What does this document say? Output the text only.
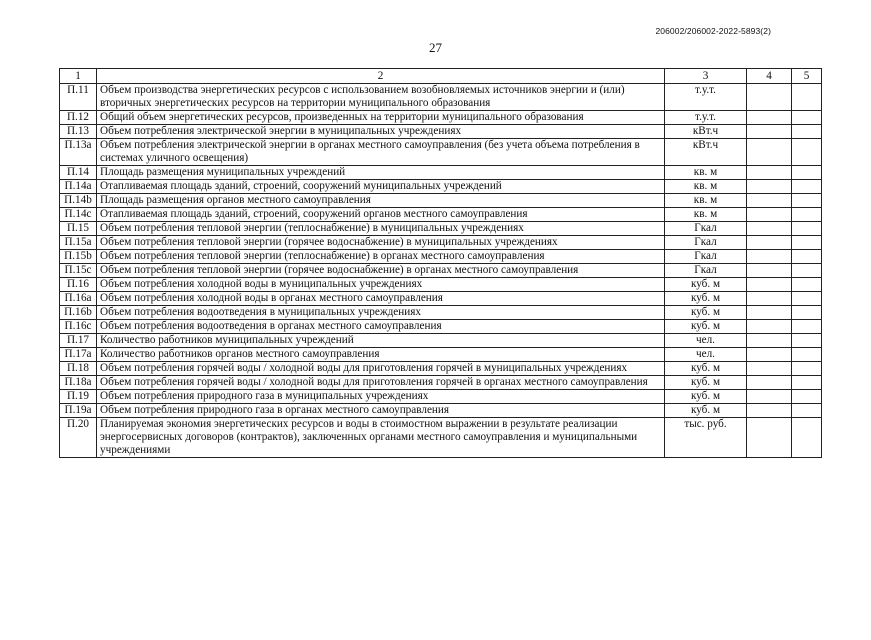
206002/206002-2022-5893(2)
27
1	2	3	4	5
П.11	Объем производства энергетических ресурсов с использованием возобновляемых источников энергии и (или) вторичных энергетических ресурсов на территории муниципального образования	т.у.т.		
П.12	Общий объем энергетических ресурсов, произведенных на территории муниципального образования	т.у.т.		
П.13	Объем потребления электрической энергии в муниципальных учреждениях	кВт.ч		
П.13а	Объем потребления электрической энергии в органах местного самоуправления (без учета объема потребления в системах уличного освещения)	кВт.ч		
П.14	Площадь размещения муниципальных учреждений	кв. м		
П.14а	Отапливаемая площадь зданий, строений, сооружений муниципальных учреждений	кв. м		
П.14b	Площадь размещения органов местного самоуправления	кв. м		
П.14с	Отапливаемая площадь зданий, строений, сооружений органов местного самоуправления	кв. м		
П.15	Объем потребления тепловой энергии (теплоснабжение) в муниципальных учреждениях	Гкал		
П.15а	Объем потребления тепловой энергии (горячее водоснабжение) в муниципальных учреждениях	Гкал		
П.15b	Объем потребления тепловой энергии (теплоснабжение) в органах местного самоуправления	Гкал		
П.15с	Объем потребления тепловой энергии (горячее водоснабжение) в органах местного самоуправления	Гкал		
П.16	Объем потребления холодной воды в муниципальных учреждениях	куб. м		
П.16а	Объем потребления холодной воды в органах местного самоуправления	куб. м		
П.16b	Объем потребления водоотведения в муниципальных учреждениях	куб. м		
П.16с	Объем потребления водоотведения в органах местного самоуправления	куб. м		
П.17	Количество работников муниципальных учреждений	чел.		
П.17а	Количество работников органов местного самоуправления	чел.		
П.18	Объем потребления горячей воды / холодной воды для приготовления горячей в муниципальных учреждениях	куб. м		
П.18а	Объем потребления горячей воды / холодной воды для приготовления горячей в органах местного самоуправления	куб. м		
П.19	Объем потребления природного газа в муниципальных учреждениях	куб. м		
П.19а	Объем потребления природного газа в органах местного самоуправления	куб. м		
П.20	Планируемая экономия энергетических ресурсов и воды в стоимостном выражении в результате реализации энергосервисных договоров (контрактов), заключенных органами местного самоуправления и муниципальными учреждениями	тыс. руб.		
